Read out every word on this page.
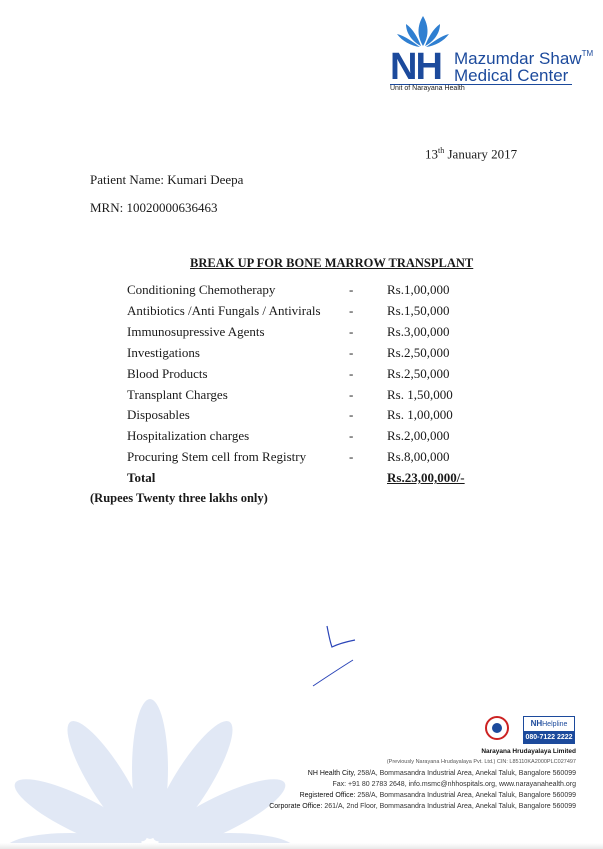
NH Mazumdar Shaw™
Medical Center
Unit of Narayana Health
13th January 2017
Patient Name: Kumari Deepa
MRN: 10020000636463
BREAK UP FOR BONE MARROW TRANSPLANT
Conditioning Chemotherapy	-	Rs.1,00,000
Antibiotics /Anti Fungals / Antivirals -	Rs.1,50,000
Immunosupressive Agents	-	Rs.3,00,000
Investigations	-	Rs.2,50,000
Blood Products	-	Rs.2,50,000
Transplant Charges	-	Rs. 1,50,000
Disposables	-	Rs. 1,00,000
Hospitalization charges	-	Rs.2,00,000
Procuring Stem cell from Registry	-	Rs.8,00,000
Total	Rs.23,00,000/-
(Rupees Twenty three lakhs only)
NHHelpline
080-7122 2222
Narayana Hrudayalaya Limited
(Previously Narayana Hrudayalaya Pvt. Ltd.) CIN: L85110KA2000PLC027497
NH Health City, 258/A, Bommasandra Industrial Area, Anekal Taluk, Bangalore 560099
Fax: +91 80 2783 2648, info.msmc@nhhospitals.org, www.narayanahealth.org
Registered Office: 258/A, Bommasandra Industrial Area, Anekal Taluk, Bangalore 560099
Corporate Office: 261/A, 2nd Floor, Bommasandra Industrial Area, Anekal Taluk, Bangalore 560099
